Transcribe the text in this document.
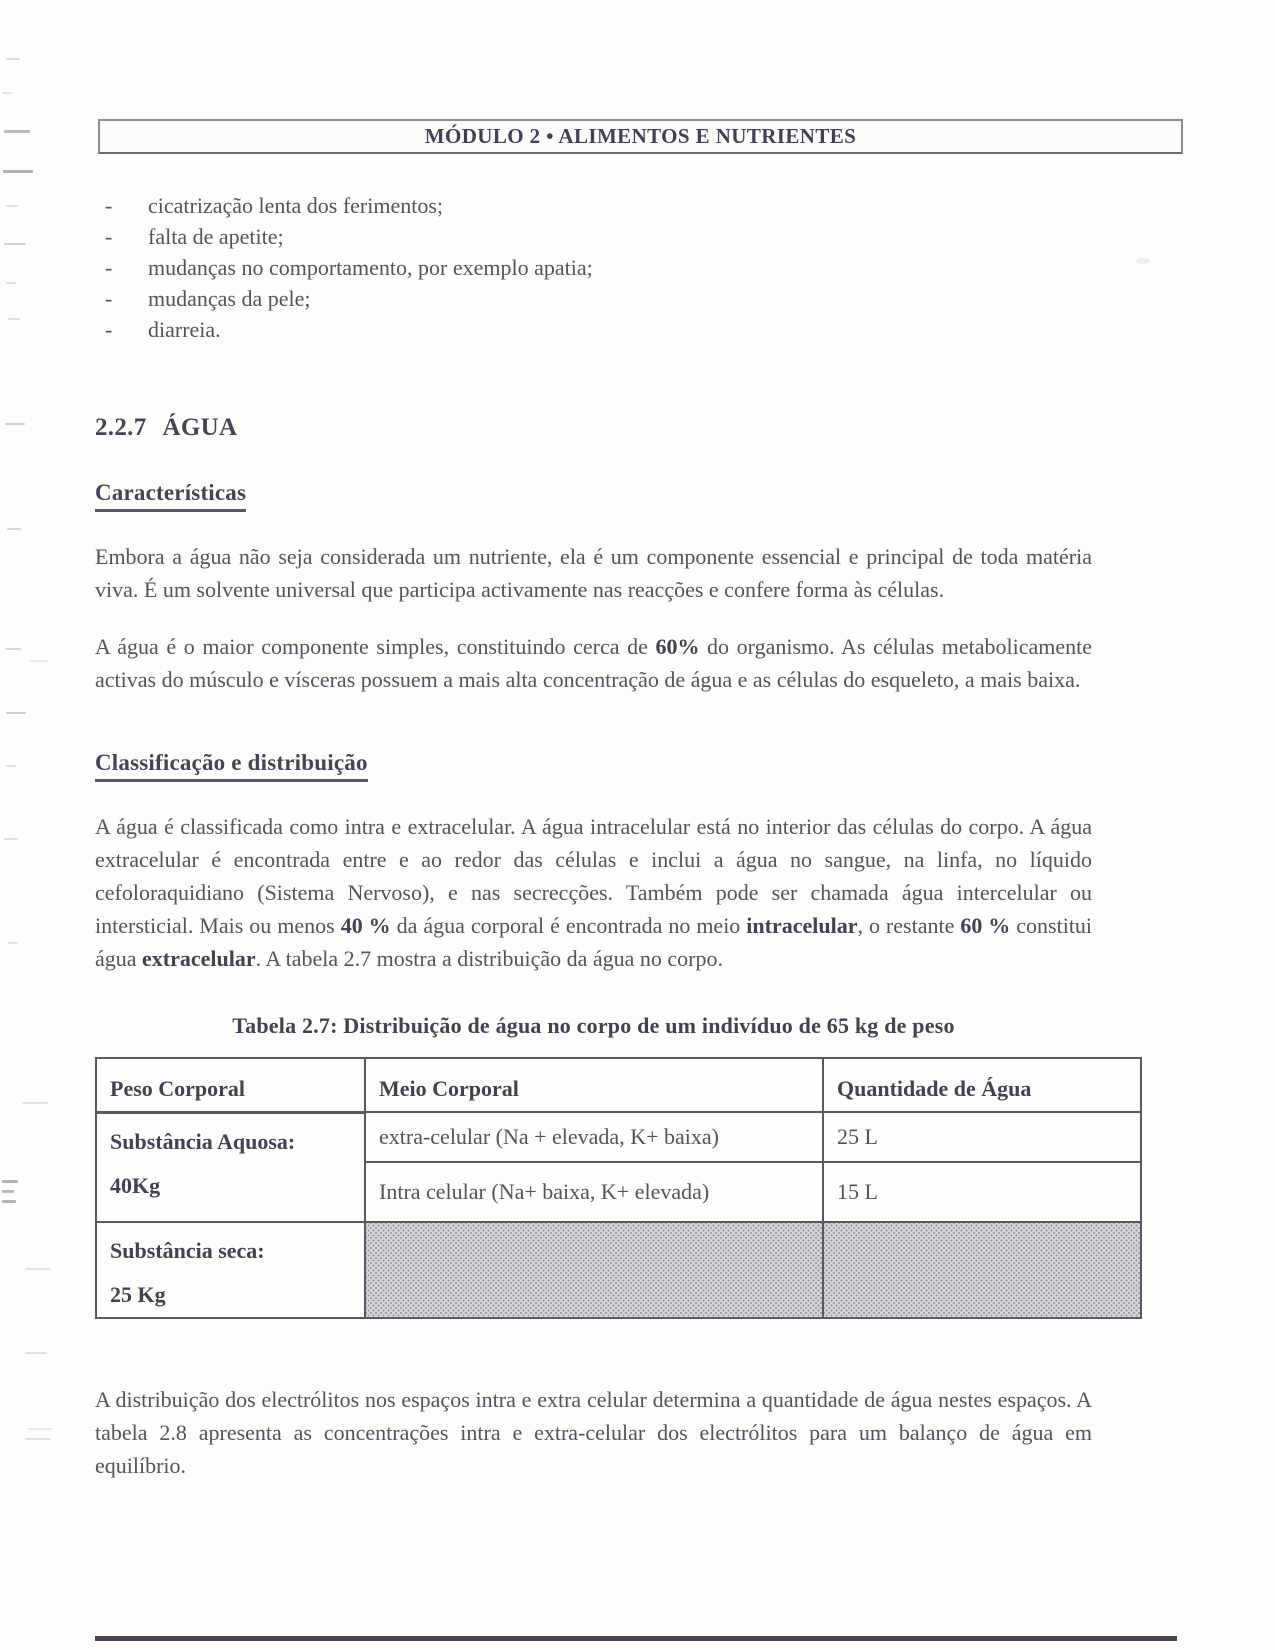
MÓDULO 2 • ALIMENTOS E NUTRIENTES
-	cicatrização lenta dos ferimentos;
-	falta de apetite;
-	mudanças no comportamento, por exemplo apatia;
-	mudanças da pele;
-	diarreia.
2.2.7 ÁGUA
Características

Embora a água não seja considerada um nutriente, ela é um componente essencial e principal de toda matéria viva. É um solvente universal que participa activamente nas reacções e confere forma às células.

A água é o maior componente simples, constituindo cerca de 60% do organismo. As células metabolicamente activas do músculo e vísceras possuem a mais alta concentração de água e as células do esqueleto, a mais baixa.

Classificação e distribuição

A água é classificada como intra e extracelular. A água intracelular está no interior das células do corpo. A água extracelular é encontrada entre e ao redor das células e inclui a água no sangue, na linfa, no líquido cefoloraquidiano (Sistema Nervoso), e nas secrecções. Também pode ser chamada água intercelular ou intersticial. Mais ou menos 40 % da água corporal é encontrada no meio intracelular, o restante 60 % constitui água extracelular. A tabela 2.7 mostra a distribuição da água no corpo.

Tabela 2.7: Distribuição de água no corpo de um indivíduo de 65 kg de peso
Peso Corporal	Meio Corporal	Quantidade de Água

Substância Aquosa:
40Kg	extra-celular (Na + elevada, K+ baixa)	25 L
	Intra celular (Na+ baixa, K+ elevada)	15 L

Substância seca:
25 Kg		

A distribuição dos electrólitos nos espaços intra e extra celular determina a quantidade de água nestes espaços. A tabela 2.8 apresenta as concentrações intra e extra-celular dos electrólitos para um balanço de água em equilíbrio.
